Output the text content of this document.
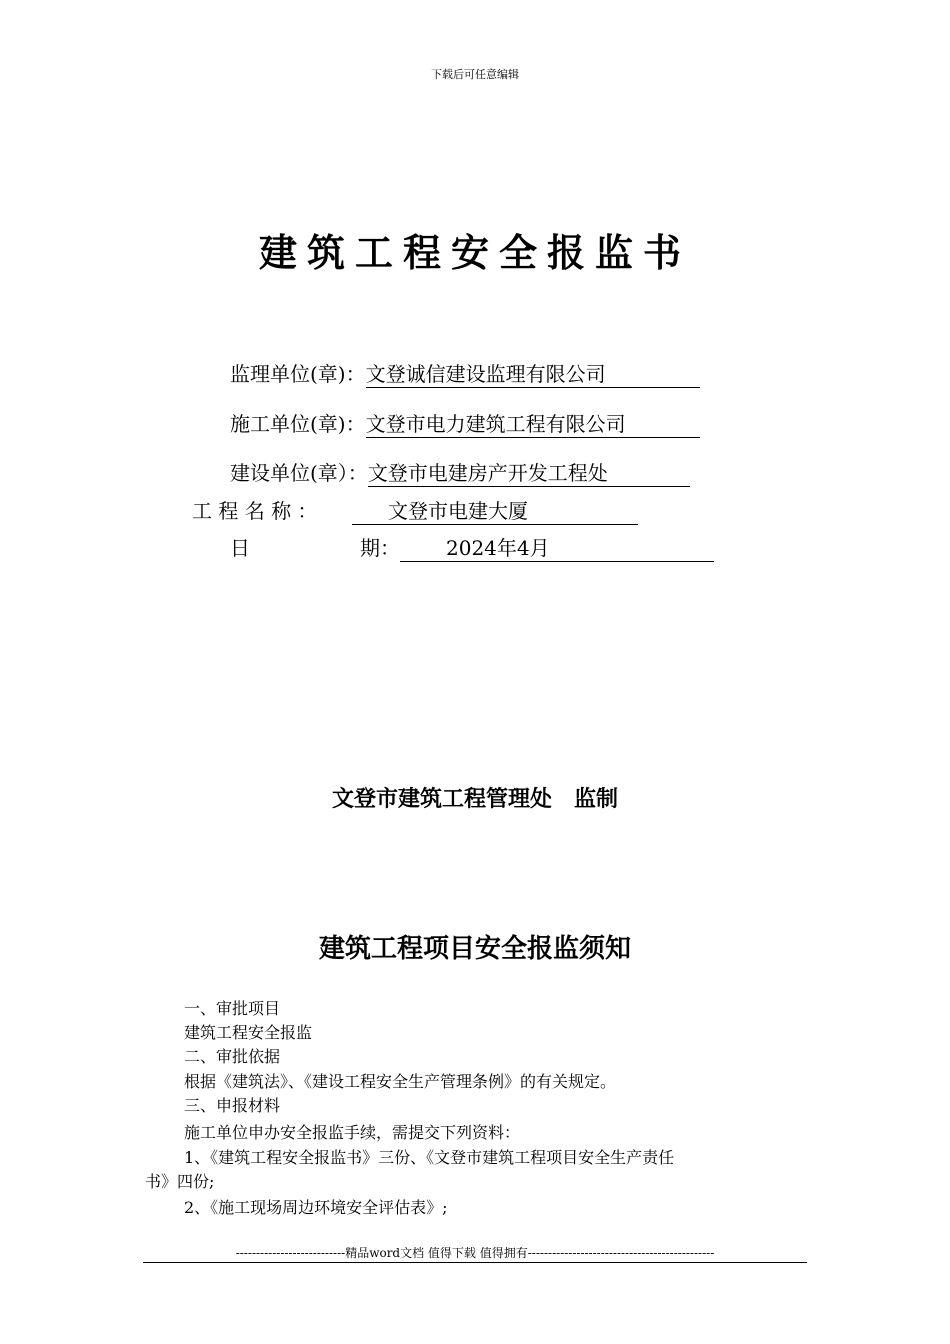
下载后可任意编辑
建筑工程安全报监书
监理单位(章)：文登诚信建设监理有限公司
施工单位(章)：文登市电力建筑工程有限公司
建设单位(章）：文登市电建房产开发工程处
工 程 名 称 ：	文登市电建大厦
日	期： 2024年4月
文登市建筑工程管理处　监制
建筑工程项目安全报监须知
一、审批项目
建筑工程安全报监
二、审批依据
根据《建筑法》、《建设工程安全生产管理条例》的有关规定。
三、申报材料
施工单位申办安全报监手续，需提交下列资料：
1、《建筑工程安全报监书》三份、《文登市建筑工程项目安全生产责任
书》四份;
2、《施工现场周边环境安全评估表》;
---------------------------精品word文档 值得下载 值得拥有----------------------------------------------
